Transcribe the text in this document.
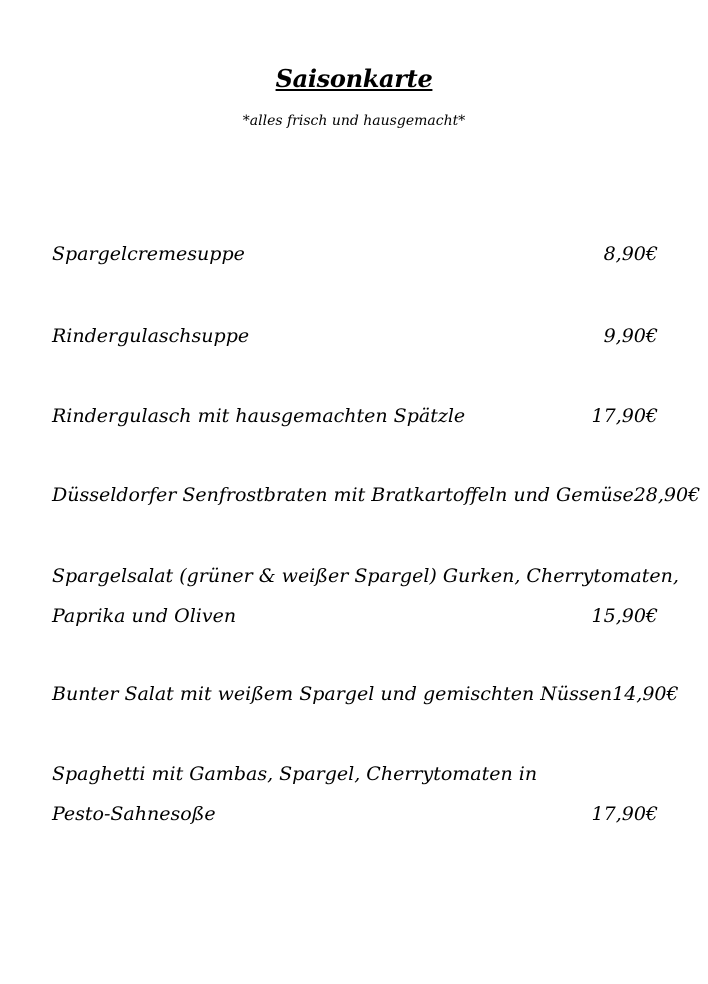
Saisonkarte
*alles frisch und hausgemacht*
Spargelcremesuppe	8,90€
Rindergulaschsuppe	9,90€
Rindergulasch mit hausgemachten Spätzle	17,90€
Düsseldorfer Senfrostbraten mit Bratkartoffeln und Gemüse 28,90€
Spargelsalat (grüner & weißer Spargel) Gurken, Cherrytomaten,
Paprika und Oliven	15,90€
Bunter Salat mit weißem Spargel und gemischten Nüssen 14,90€
Spaghetti mit Gambas, Spargel, Cherrytomaten in
Pesto-Sahnesoße	17,90€
